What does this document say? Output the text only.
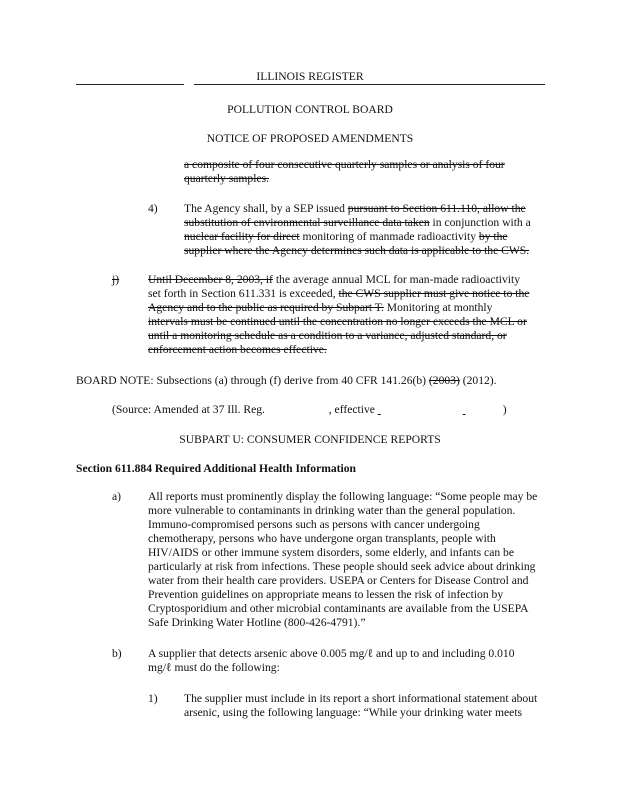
ILLINOIS REGISTER
POLLUTION CONTROL BOARD
NOTICE OF PROPOSED AMENDMENTS
a composite of four consecutive quarterly samples or analysis of four
quarterly samples.
4) The Agency shall, by a SEP issued pursuant to Section 611.110, allow the
substitution of environmental surveillance data taken in conjunction with a
nuclear facility for direct monitoring of manmade radioactivity by the
supplier where the Agency determines such data is applicable to the CWS.
j) Until December 8, 2003, if the average annual MCL for man-made radioactivity
set forth in Section 611.331 is exceeded, the CWS supplier must give notice to the
Agency and to the public as required by Subpart T. Monitoring at monthly
intervals must be continued until the concentration no longer exceeds the MCL or
until a monitoring schedule as a condition to a variance, adjusted standard, or
enforcement action becomes effective.
BOARD NOTE: Subsections (a) through (f) derive from 40 CFR 141.26(b) (2003) (2012).
(Source: Amended at 37 Ill. Reg.	, effective	)
SUBPART U: CONSUMER CONFIDENCE REPORTS
Section 611.884 Required Additional Health Information
a) All reports must prominently display the following language: “Some people may be
more vulnerable to contaminants in drinking water than the general population.
Immuno-compromised persons such as persons with cancer undergoing
chemotherapy, persons who have undergone organ transplants, people with
HIV/AIDS or other immune system disorders, some elderly, and infants can be
particularly at risk from infections. These people should seek advice about drinking
water from their health care providers. USEPA or Centers for Disease Control and
Prevention guidelines on appropriate means to lessen the risk of infection by
Cryptosporidium and other microbial contaminants are available from the USEPA
Safe Drinking Water Hotline (800-426-4791).”
b) A supplier that detects arsenic above 0.005 mg/ℓ and up to and including 0.010
mg/ℓ must do the following:
1) The supplier must include in its report a short informational statement about
arsenic, using the following language: “While your drinking water meets
